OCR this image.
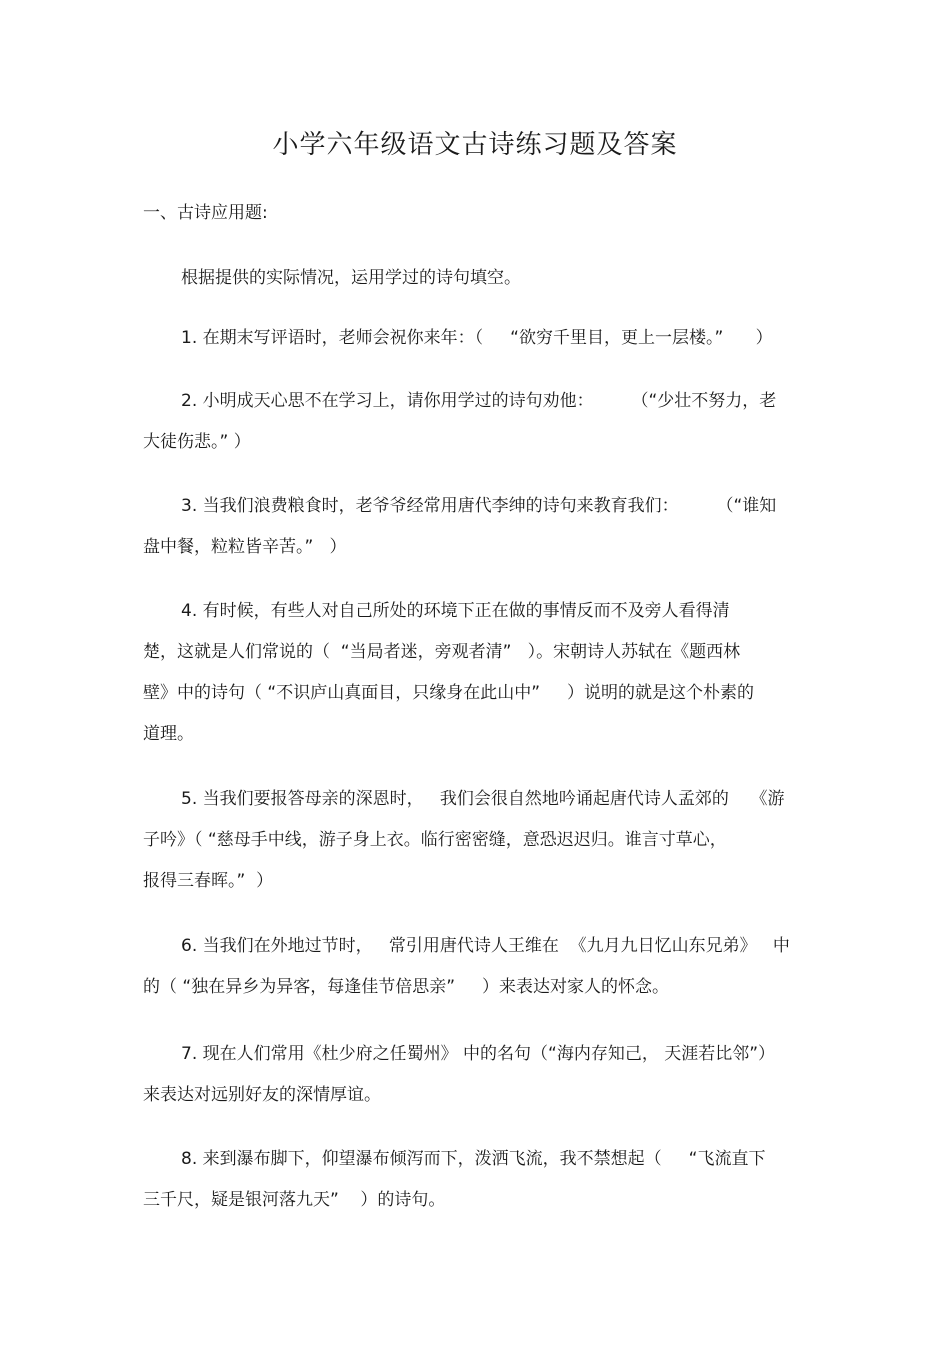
小学六年级语文古诗练习题及答案
一、古诗应用题:

根据提供的实际情况，运用学过的诗句填空。

1. 在期末写评语时，老师会祝你来年：（     “欲穷千里目，更上一层楼。”      ）
2. 小明成天心思不在学习上，请你用学过的诗句劝他：       （“少壮不努力，老
大徒伤悲。” ）
3. 当我们浪费粮食时，老爷爷经常用唐代李绅的诗句来教育我们：       （“谁知
盘中餐，粒粒皆辛苦。”   ）
4. 有时候，有些人对自己所处的环境下正在做的事情反而不及旁人看得清
楚，这就是人们常说的（  “当局者迷，旁观者清”   ）。宋朝诗人苏轼在《题西林
壁》中的诗句（ “不识庐山真面目，只缘身在此山中”     ）说明的就是这个朴素的
道理。
5. 当我们要报答母亲的深恩时，   我们会很自然地吟诵起唐代诗人孟郊的    《游
子吟》（ “慈母手中线，游子身上衣。临行密密缝，意恐迟迟归。谁言寸草心，
报得三春晖。”  ）
6. 当我们在外地过节时，   常引用唐代诗人王维在  《九月九日忆山东兄弟》   中
的（ “独在异乡为异客，每逢佳节倍思亲”     ）来表达对家人的怀念。
7. 现在人们常用《杜少府之任蜀州》 中的名句（“海内存知己， 天涯若比邻”）
来表达对远别好友的深情厚谊。
8. 来到瀑布脚下，仰望瀑布倾泻而下，泼洒飞流，我不禁想起（     “飞流直下
三千尺，疑是银河落九天”    ）的诗句。
